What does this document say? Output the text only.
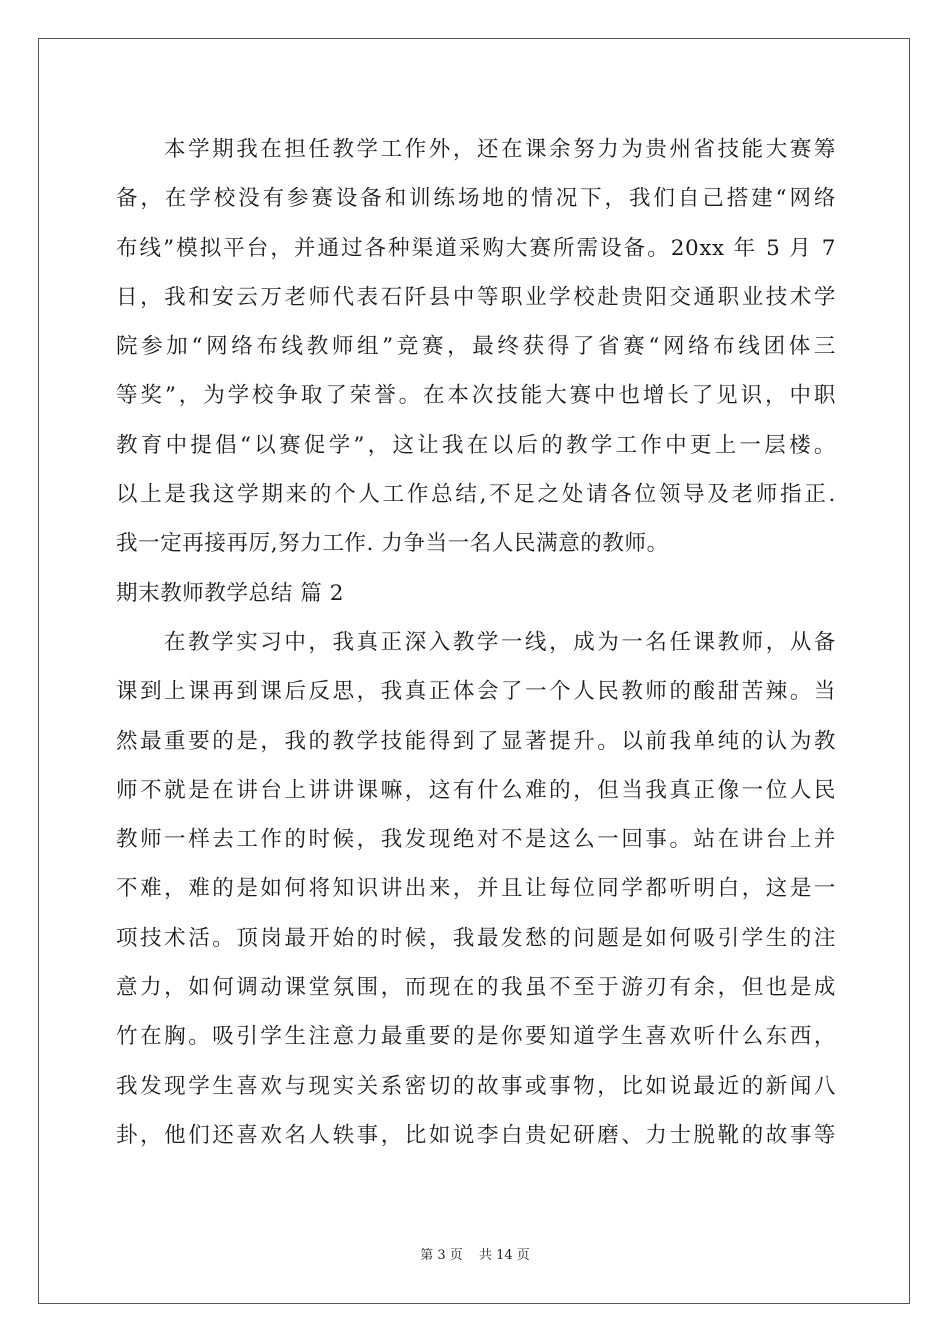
本学期我在担任教学工作外，还在课余努力为贵州省技能大赛筹
备，在学校没有参赛设备和训练场地的情况下，我们自己搭建“网络
布线”模拟平台，并通过各种渠道采购大赛所需设备。20xx 年 5 月 7
日，我和安云万老师代表石阡县中等职业学校赴贵阳交通职业技术学
院参加“网络布线教师组”竞赛，最终获得了省赛“网络布线团体三
等奖”，为学校争取了荣誉。在本次技能大赛中也增长了见识，中职
教育中提倡“以赛促学”，这让我在以后的教学工作中更上一层楼。
以上是我这学期来的个人工作总结,不足之处请各位领导及老师指正.
我一定再接再厉,努力工作. 力争当一名人民满意的教师。
期末教师教学总结 篇 2
在教学实习中，我真正深入教学一线，成为一名任课教师，从备
课到上课再到课后反思，我真正体会了一个人民教师的酸甜苦辣。当
然最重要的是，我的教学技能得到了显著提升。以前我单纯的认为教
师不就是在讲台上讲讲课嘛，这有什么难的，但当我真正像一位人民
教师一样去工作的时候，我发现绝对不是这么一回事。站在讲台上并
不难，难的是如何将知识讲出来，并且让每位同学都听明白，这是一
项技术活。顶岗最开始的时候，我最发愁的问题是如何吸引学生的注
意力，如何调动课堂氛围，而现在的我虽不至于游刃有余，但也是成
竹在胸。吸引学生注意力最重要的是你要知道学生喜欢听什么东西，
我发现学生喜欢与现实关系密切的故事或事物，比如说最近的新闻八
卦，他们还喜欢名人轶事，比如说李白贵妃研磨、力士脱靴的故事等
第 3 页 共 14 页
